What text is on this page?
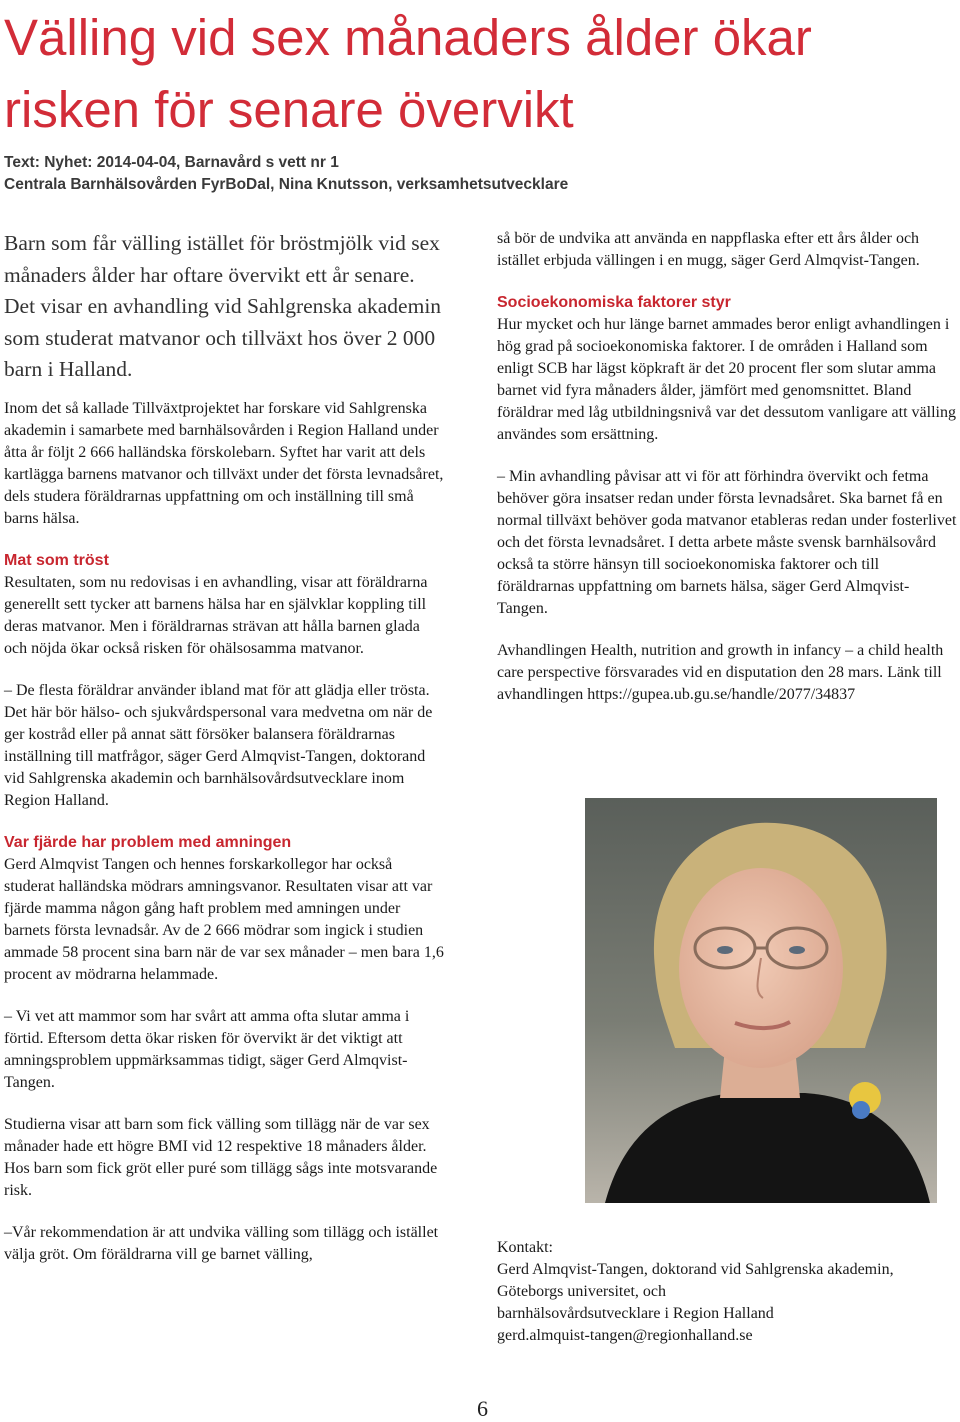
Välling vid sex månaders ålder ökar risken för senare övervikt
Text: Nyhet: 2014-04-04, Barnavård s vett nr 1
Centrala Barnhälsovården FyrBoDal, Nina Knutsson, verksamhetsutvecklare

Barn som får välling istället för bröstmjölk vid sex månaders ålder har oftare övervikt ett år senare. Det visar en avhandling vid Sahlgrenska akademin som studerat matvanor och tillväxt hos över 2 000 barn i Halland.

Inom det så kallade Tillväxtprojektet har forskare vid Sahlgrenska akademin i samarbete med barnhälsovården i Region Halland under åtta år följt 2 666 halländska förskolebarn. Syftet har varit att dels kartlägga barnens matvanor och tillväxt under det första levnadsåret, dels studera föräldrarnas uppfattning om och inställning till små barns hälsa.

Mat som tröst

Resultaten, som nu redovisas i en avhandling, visar att föräldrarna generellt sett tycker att barnens hälsa har en självklar koppling till deras matvanor. Men i föräldrarnas strävan att hålla barnen glada och nöjda ökar också risken för ohälsosamma matvanor.

– De flesta föräldrar använder ibland mat för att glädja eller trösta. Det här bör hälso- och sjukvårdspersonal vara medvetna om när de ger kostråd eller på annat sätt försöker balansera föräldrarnas inställning till matfrågor, säger Gerd Almqvist-Tangen, doktorand vid Sahlgrenska akademin och barnhälsovårdsutvecklare inom Region Halland.

Var fjärde har problem med amningen

Gerd Almqvist Tangen och hennes forskarkollegor har också studerat halländska mödrars amningsvanor. Resultaten visar att var fjärde mamma någon gång haft problem med amningen under barnets första levnadsår. Av de 2 666 mödrar som ingick i studien ammade 58 procent sina barn när de var sex månader – men bara 1,6 procent av mödrarna helammade.

– Vi vet att mammor som har svårt att amma ofta slutar amma i förtid. Eftersom detta ökar risken för övervikt är det viktigt att amningsproblem uppmärksammas tidigt, säger Gerd Almqvist-Tangen.

Studierna visar att barn som fick välling som tillägg när de var sex månader hade ett högre BMI vid 12 respektive 18 månaders ålder. Hos barn som fick gröt eller puré som tillägg sågs inte motsvarande risk.

–Vår rekommendation är att undvika välling som tillägg och istället välja gröt. Om föräldrarna vill ge barnet välling,

så bör de undvika att använda en nappflaska efter ett års ålder och istället erbjuda vällingen i en mugg, säger Gerd Almqvist-Tangen.

Socioekonomiska faktorer styr

Hur mycket och hur länge barnet ammades beror enligt avhandlingen i hög grad på socioekonomiska faktorer. I de områden i Halland som enligt SCB har lägst köpkraft är det 20 procent fler som slutar amma barnet vid fyra månaders ålder, jämfört med genomsnittet. Bland föräldrar med låg utbildningsnivå var det dessutom vanligare att välling användes som ersättning.

– Min avhandling påvisar att vi för att förhindra övervikt och fetma behöver göra insatser redan under första levnadsåret. Ska barnet få en normal tillväxt behöver goda matvanor etableras redan under fosterlivet och det första levnadsåret. I detta arbete måste svensk barnhälsovård också ta större hänsyn till socioekonomiska faktorer och till föräldrarnas uppfattning om barnets hälsa, säger Gerd Almqvist-Tangen.

Avhandlingen Health, nutrition and growth in infancy – a child health care perspective försvarades vid en disputation den 28 mars. Länk till avhandlingen https://gupea.ub.gu.se/handle/2077/34837

Kontakt:
Gerd Almqvist-Tangen, doktorand vid Sahlgrenska akademin,
Göteborgs universitet, och
barnhälsovårdsutvecklare i Region Halland
gerd.almquist-tangen@regionhalland.se
6
